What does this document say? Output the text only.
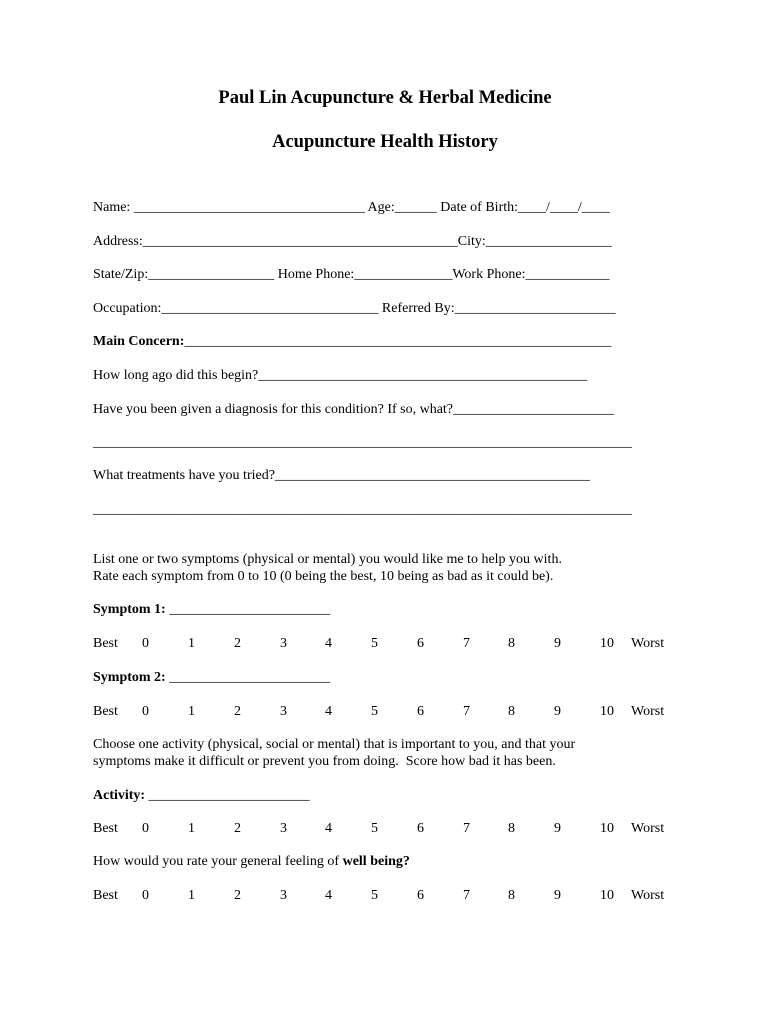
Paul Lin Acupuncture & Herbal Medicine
Acupuncture Health History
Name: _________________________________ Age:______ Date of Birth:____/____/____
Address:_____________________________________________City:__________________
State/Zip:__________________ Home Phone:______________Work Phone:____________
Occupation:_______________________________ Referred By:_______________________
Main Concern:_____________________________________________________________
How long ago did this begin?_______________________________________________
Have you been given a diagnosis for this condition? If so, what?_______________________
_____________________________________________________________________________
What treatments have you tried?_____________________________________________
_____________________________________________________________________________
List one or two symptoms (physical or mental) you would like me to help you with.
Rate each symptom from 0 to 10 (0 being the best, 10 being as bad as it could be).
Symptom 1: _______________________
Best 0	1	2	3	4	5	6	7	8	9	10 Worst
Symptom 2: _______________________
Best 0	1	2	3	4	5	6	7	8	9	10 Worst
Choose one activity (physical, social or mental) that is important to you, and that your
symptoms make it difficult or prevent you from doing.  Score how bad it has been.
Activity: _______________________
Best 0	1	2	3	4	5	6	7	8	9	10 Worst
How would you rate your general feeling of well being?
Best 0	1	2	3	4	5	6	7	8	9	10 Worst
